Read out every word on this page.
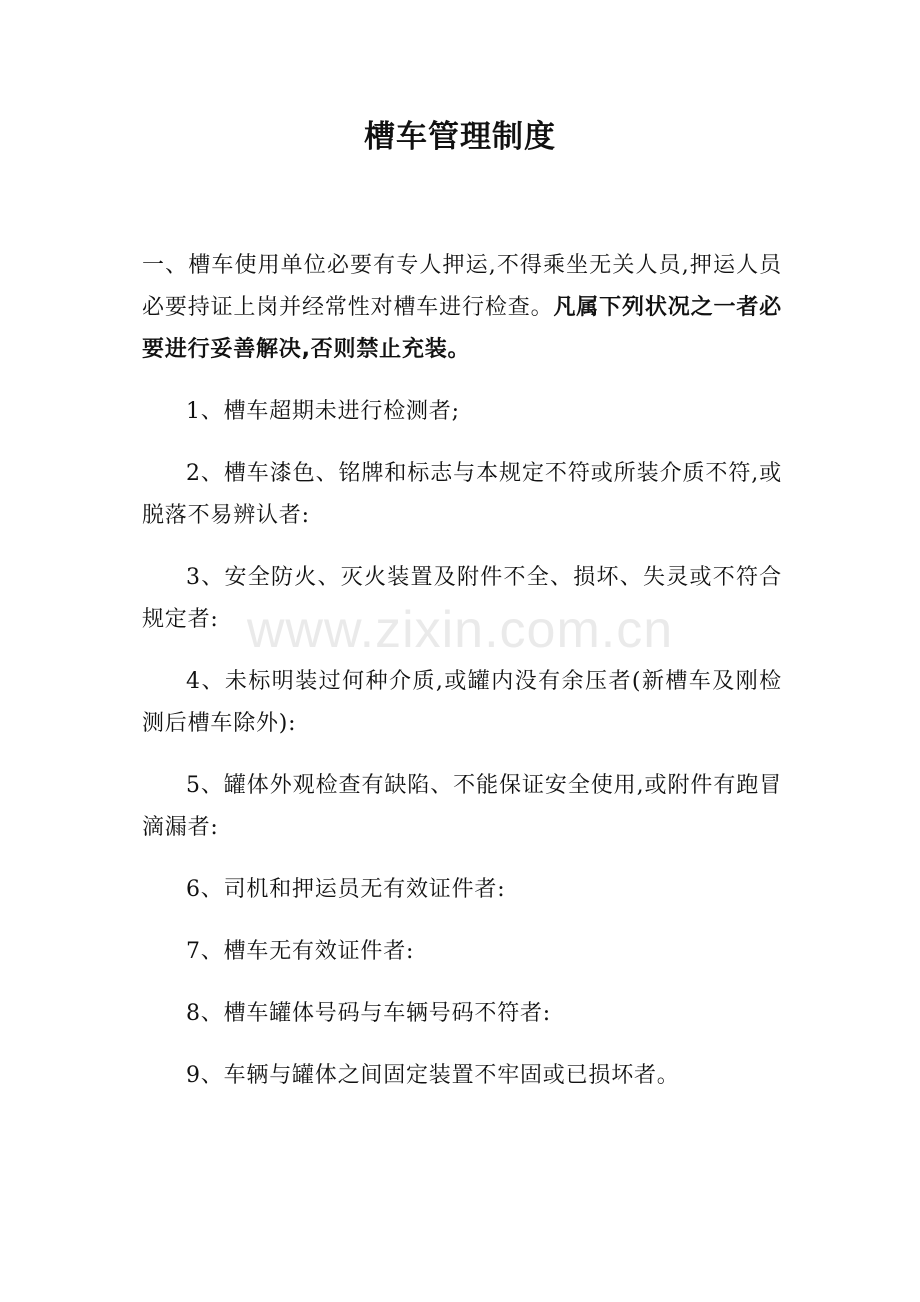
槽车管理制度

一、槽车使用单位必要有专人押运,不得乘坐无关人员,押运人员必要持证上岗并经常性对槽车进行检查。凡属下列状况之一者必要进行妥善解决,否则禁止充装。

1、槽车超期未进行检测者;

2、槽车漆色、铭牌和标志与本规定不符或所装介质不符,或脱落不易辨认者:

3、安全防火、灭火装置及附件不全、损坏、失灵或不符合规定者:

4、未标明装过何种介质,或罐内没有余压者(新槽车及刚检测后槽车除外):

5、罐体外观检查有缺陷、不能保证安全使用,或附件有跑冒滴漏者:

6、司机和押运员无有效证件者:

7、槽车无有效证件者:

8、槽车罐体号码与车辆号码不符者:

9、车辆与罐体之间固定装置不牢固或已损坏者。

www.zixin.com.cn
